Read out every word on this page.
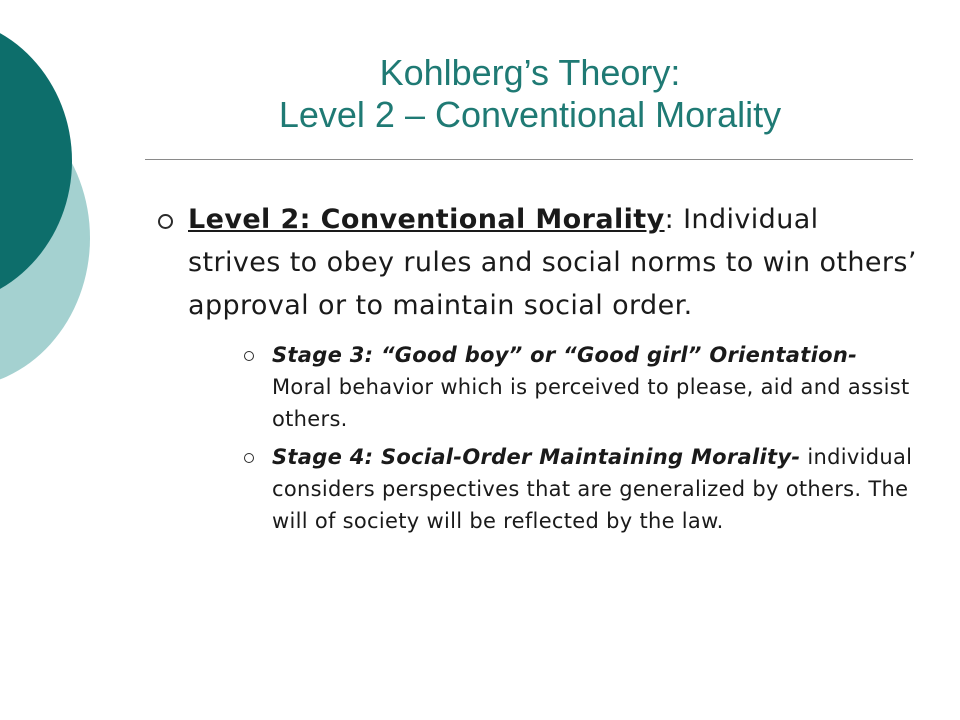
Kohlberg’s Theory:
Level 2 – Conventional Morality
Level 2: Conventional Morality: Individual strives to obey rules and social norms to win others’ approval or to maintain social order.
Stage 3: “Good boy” or “Good girl” Orientation- Moral behavior which is perceived to please, aid and assist others.
Stage 4: Social-Order Maintaining Morality- individual considers perspectives that are generalized by others. The will of society will be reflected by the law.
